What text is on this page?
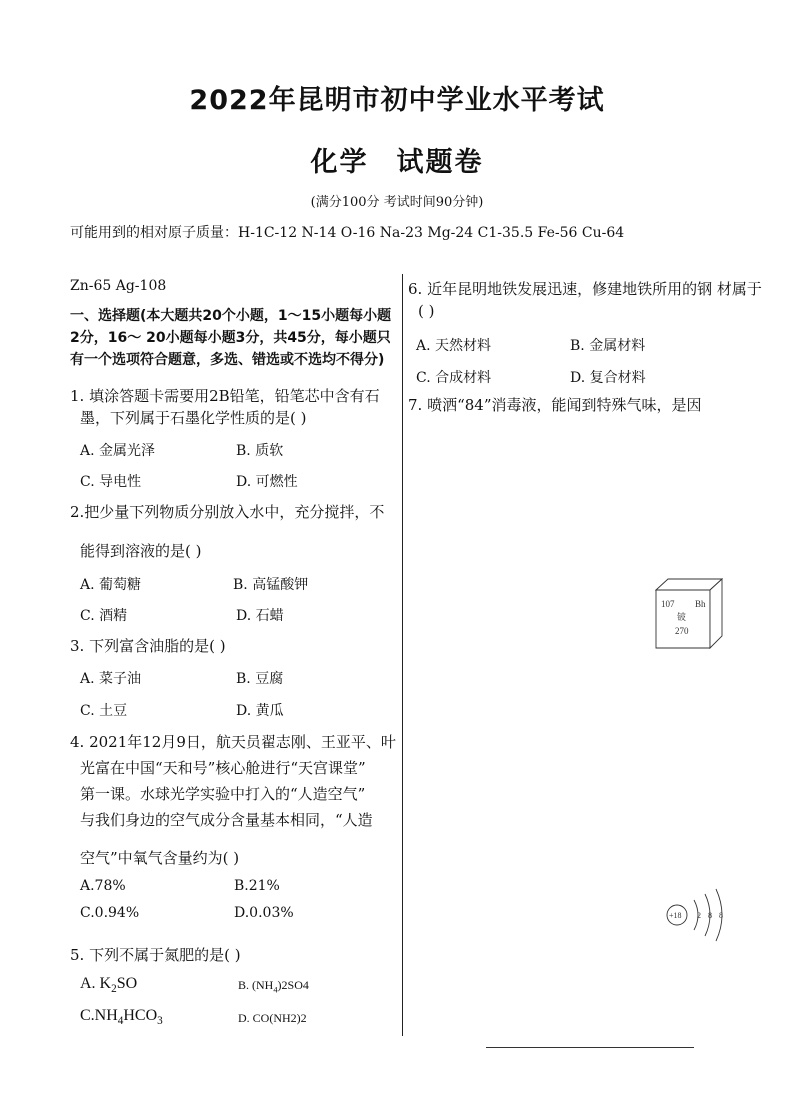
2022年昆明市初中学业水平考试
化学 试题卷
(满分100分 考试时间90分钟)
可能用到的相对原子质量：H-1C-12 N-14 O-16 Na-23 Mg-24 C1-35.5 Fe-56 Cu-64
Zn-65 Ag-108
一、选择题(本大题共20个小题，1～15小题每小题
2分，16～ 20小题每小题3分，共45分，每小题只
有一个选项符合题意，多选、错选或不选均不得分)
1. 填涂答题卡需要用2B铅笔，铅笔芯中含有石
墨，下列属于石墨化学性质的是( )
A. 金属光泽	B. 质软
C. 导电性	D. 可燃性
2.把少量下列物质分别放入水中，充分搅拌，不
能得到溶液的是( )
A. 葡萄糖	B. 高锰酸钾
C. 酒精	D. 石蜡
3. 下列富含油脂的是( )
A. 菜子油	B. 豆腐
C. 土豆	D. 黄瓜
4. 2021年12月9日，航天员翟志刚、王亚平、叶
光富在中国“天和号”核心舱进行“天宫课堂”
第一课。水球光学实验中打入的“人造空气”
与我们身边的空气成分含量基本相同，“人造
空气”中氧气含量约为( )
A.78%	B.21%
C.0.94%	D.0.03%
5. 下列不属于氮肥的是( )
A. $K_2SO$	B. $(NH_4)2SO4$
$C.NH_4HCO_3$	D. CO(NH2)2
6. 近年昆明地铁发展迅速，修建地铁所用的钢 材属于
( )
A. 天然材料	B. 金属材料
C. 合成材料	D. 复合材料
7. 喷洒“84”消毒液，能闻到特殊气味，是因
107 Bh
铍
270
+18 2 8 8
